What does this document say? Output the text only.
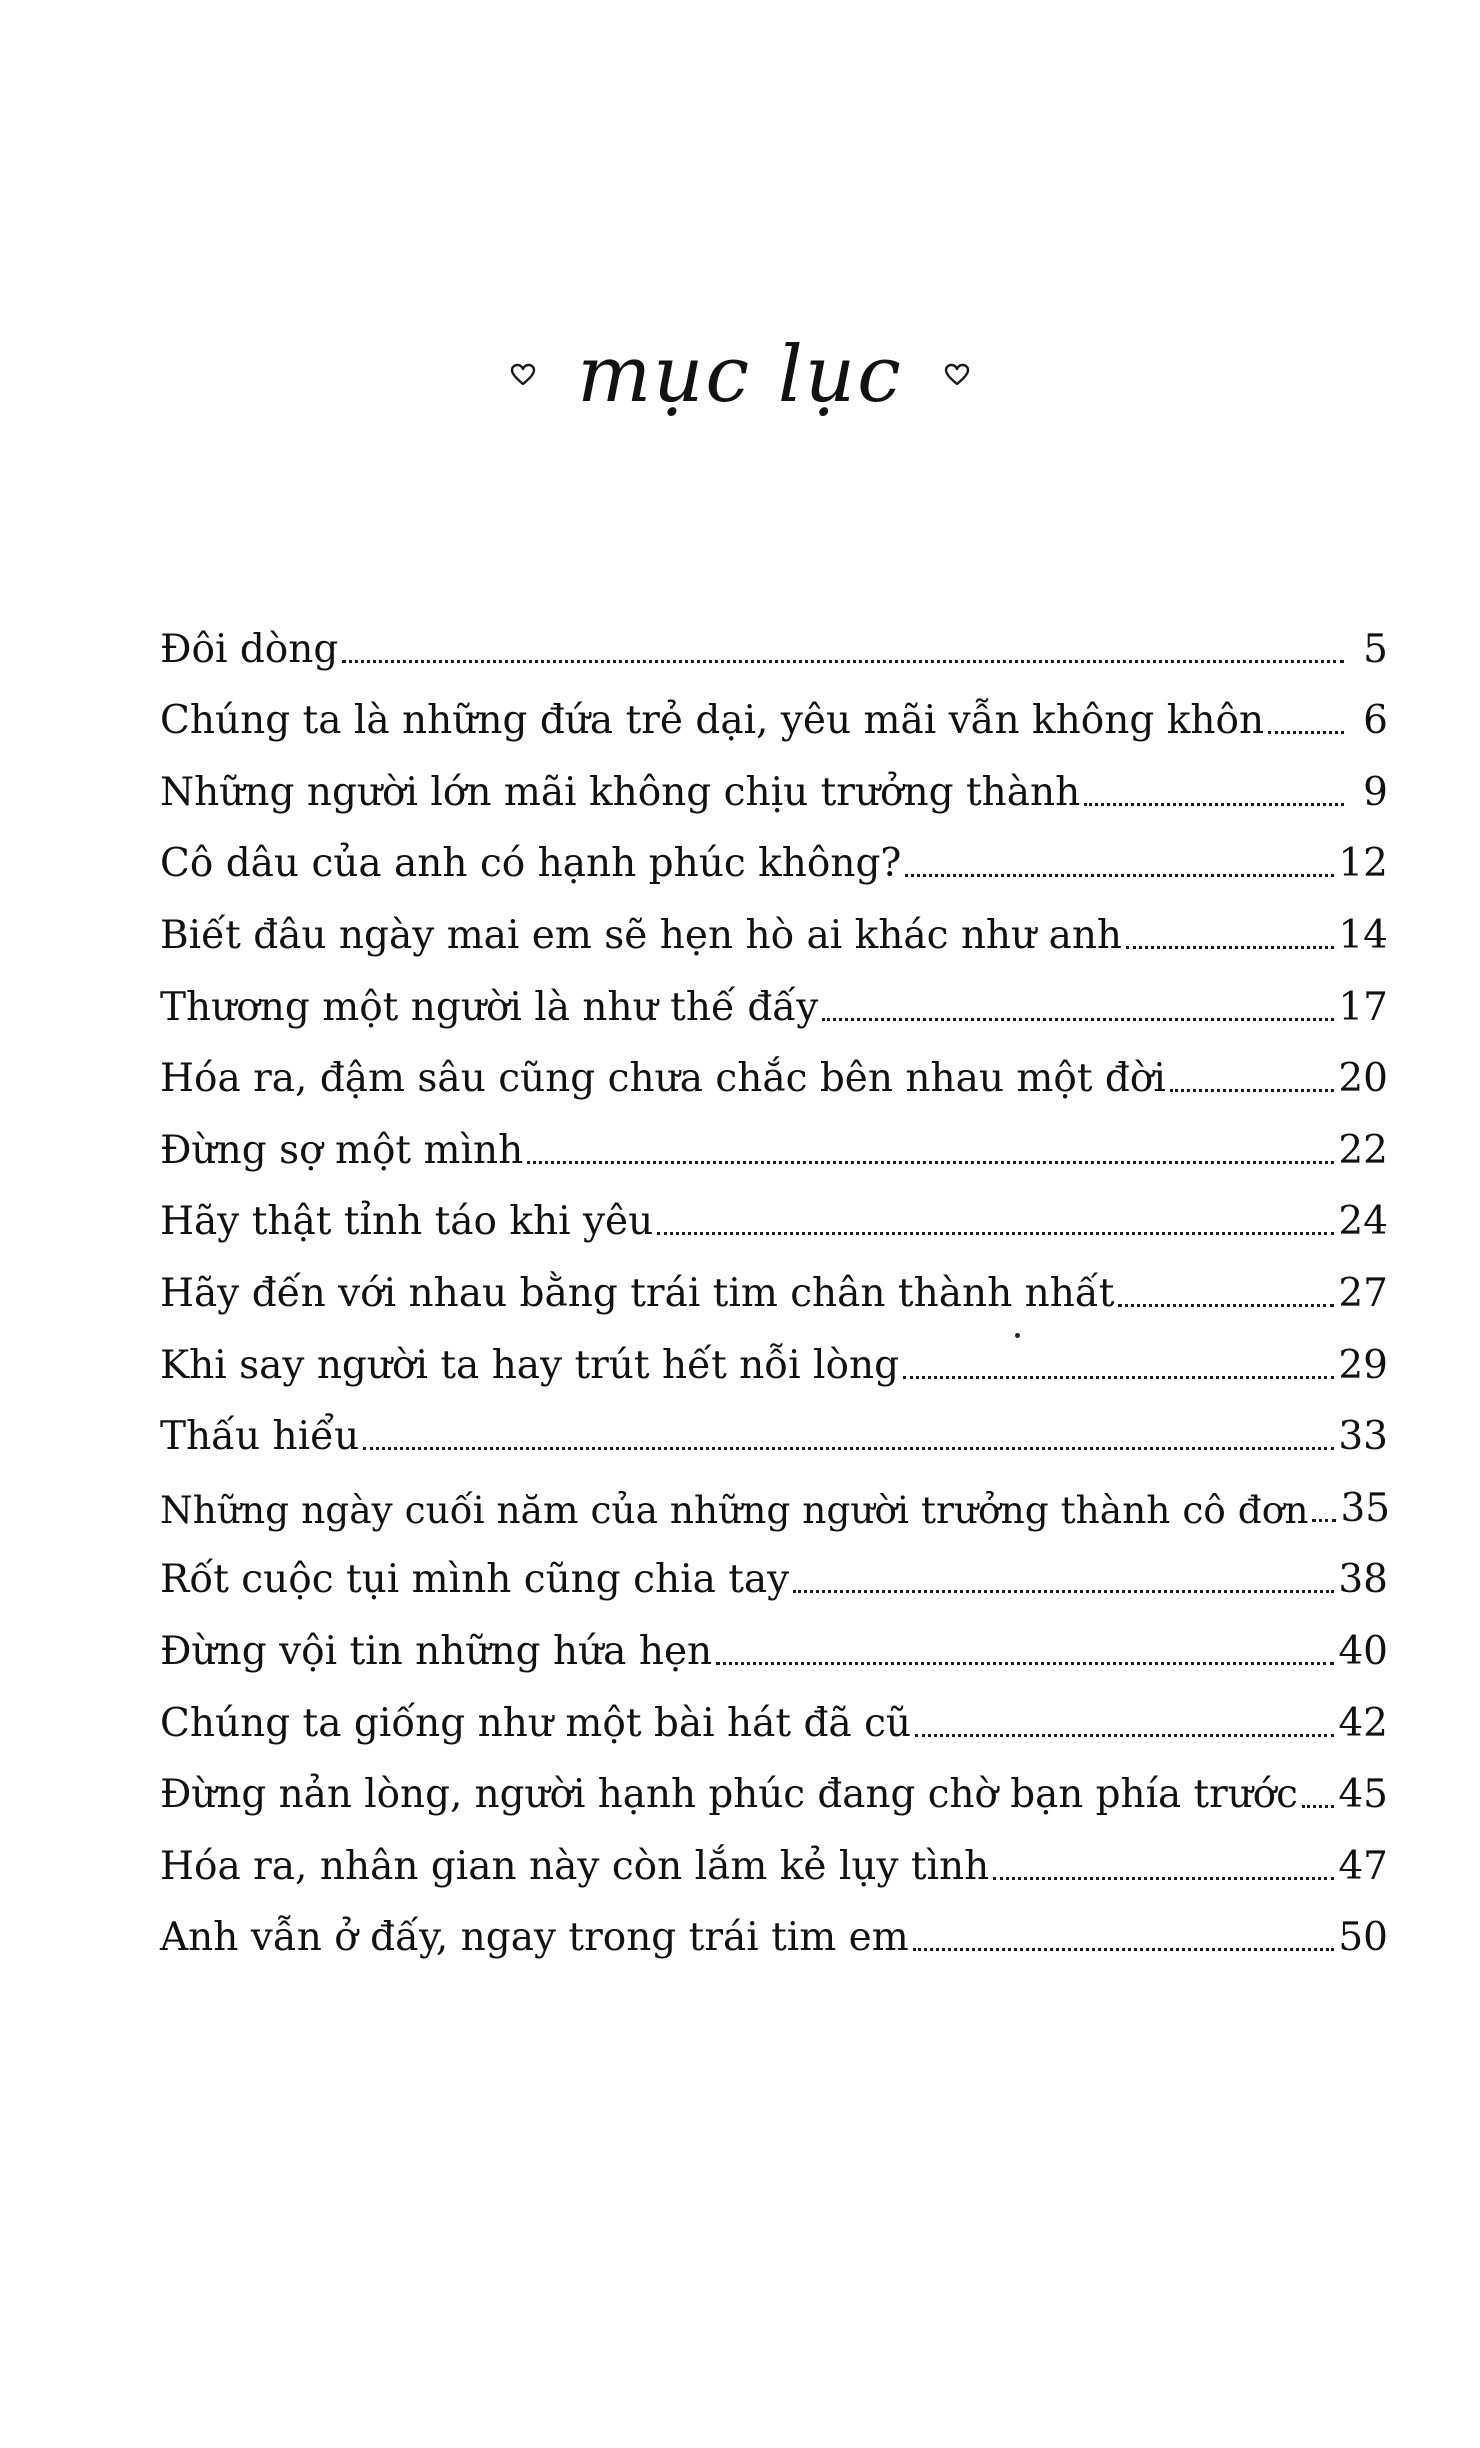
mục lục
Đôi dòng	5
Chúng ta là những đứa trẻ dại, yêu mãi vẫn không khôn	6
Những người lớn mãi không chịu trưởng thành	9
Cô dâu của anh có hạnh phúc không?	12
Biết đâu ngày mai em sẽ hẹn hò ai khác như anh	14
Thương một người là như thế đấy	17
Hóa ra, đậm sâu cũng chưa chắc bên nhau một đời	20
Đừng sợ một mình	22
Hãy thật tỉnh táo khi yêu	24
Hãy đến với nhau bằng trái tim chân thành nhất	27
Khi say người ta hay trút hết nỗi lòng	29
Thấu hiểu	33
Những ngày cuối năm của những người trưởng thành cô đơn 35
Rốt cuộc tụi mình cũng chia tay	38
Đừng vội tin những hứa hẹn	40
Chúng ta giống như một bài hát đã cũ	42
Đừng nản lòng, người hạnh phúc đang chờ bạn phía trước 45
Hóa ra, nhân gian này còn lắm kẻ lụy tình	47
Anh vẫn ở đấy, ngay trong trái tim em	50
